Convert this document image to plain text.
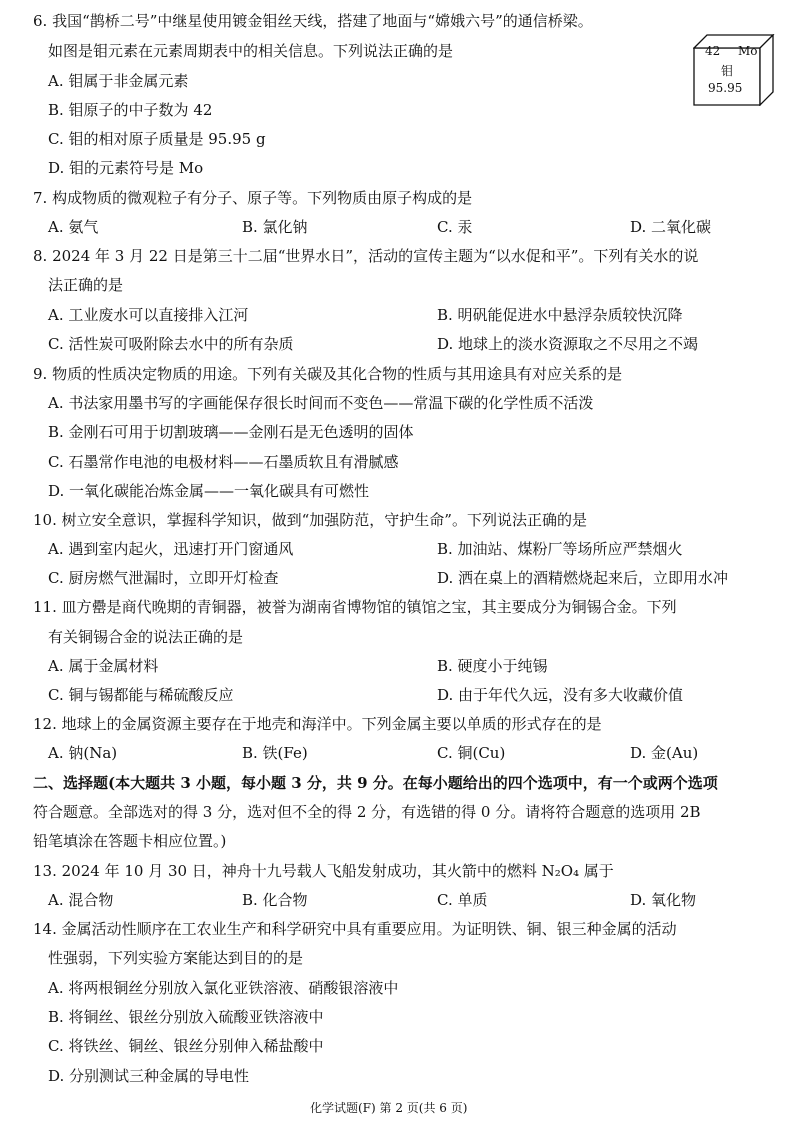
6. 我国“鹊桥二号”中继星使用镀金钼丝天线，搭建了地面与“嫦娥六号”的通信桥梁。
如图是钼元素在元素周期表中的相关信息。下列说法正确的是
A. 钼属于非金属元素
B. 钼原子的中子数为 42
C. 钼的相对原子质量是 95.95 g
D. 钼的元素符号是 Mo
42 Mo
钼
95.95
7. 构成物质的微观粒子有分子、原子等。下列物质由原子构成的是
A. 氨气	B. 氯化钠	C. 汞	D. 二氧化碳
8. 2024 年 3 月 22 日是第三十二届“世界水日”，活动的宣传主题为“以水促和平”。下列有关水的说
法正确的是
A. 工业废水可以直接排入江河	B. 明矾能促进水中悬浮杂质较快沉降
C. 活性炭可吸附除去水中的所有杂质	D. 地球上的淡水资源取之不尽用之不竭
9. 物质的性质决定物质的用途。下列有关碳及其化合物的性质与其用途具有对应关系的是
A. 书法家用墨书写的字画能保存很长时间而不变色——常温下碳的化学性质不活泼
B. 金刚石可用于切割玻璃——金刚石是无色透明的固体
C. 石墨常作电池的电极材料——石墨质软且有滑腻感
D. 一氧化碳能冶炼金属——一氧化碳具有可燃性
10. 树立安全意识，掌握科学知识，做到“加强防范，守护生命”。下列说法正确的是
A. 遇到室内起火，迅速打开门窗通风	B. 加油站、煤粉厂等场所应严禁烟火
C. 厨房燃气泄漏时，立即开灯检查	D. 洒在桌上的酒精燃烧起来后，立即用水冲
11. 皿方罍是商代晚期的青铜器，被誉为湖南省博物馆的镇馆之宝，其主要成分为铜锡合金。下列
有关铜锡合金的说法正确的是
A. 属于金属材料	B. 硬度小于纯锡
C. 铜与锡都能与稀硫酸反应	D. 由于年代久远，没有多大收藏价值
12. 地球上的金属资源主要存在于地壳和海洋中。下列金属主要以单质的形式存在的是
A. 钠(Na)	B. 铁(Fe)	C. 铜(Cu)	D. 金(Au)
二、选择题(本大题共 3 小题，每小题 3 分，共 9 分。在每小题给出的四个选项中，有一个或两个选项
符合题意。全部选对的得 3 分，选对但不全的得 2 分，有选错的得 0 分。请将符合题意的选项用 2B
铅笔填涂在答题卡相应位置。)
13. 2024 年 10 月 30 日，神舟十九号载人飞船发射成功，其火箭中的燃料 N₂O₄ 属于
A. 混合物	B. 化合物	C. 单质	D. 氧化物
14. 金属活动性顺序在工农业生产和科学研究中具有重要应用。为证明铁、铜、银三种金属的活动
性强弱，下列实验方案能达到目的的是
A. 将两根铜丝分别放入氯化亚铁溶液、硝酸银溶液中
B. 将铜丝、银丝分别放入硫酸亚铁溶液中
C. 将铁丝、铜丝、银丝分别伸入稀盐酸中
D. 分别测试三种金属的导电性
化学试题(F) 第 2 页(共 6 页)
